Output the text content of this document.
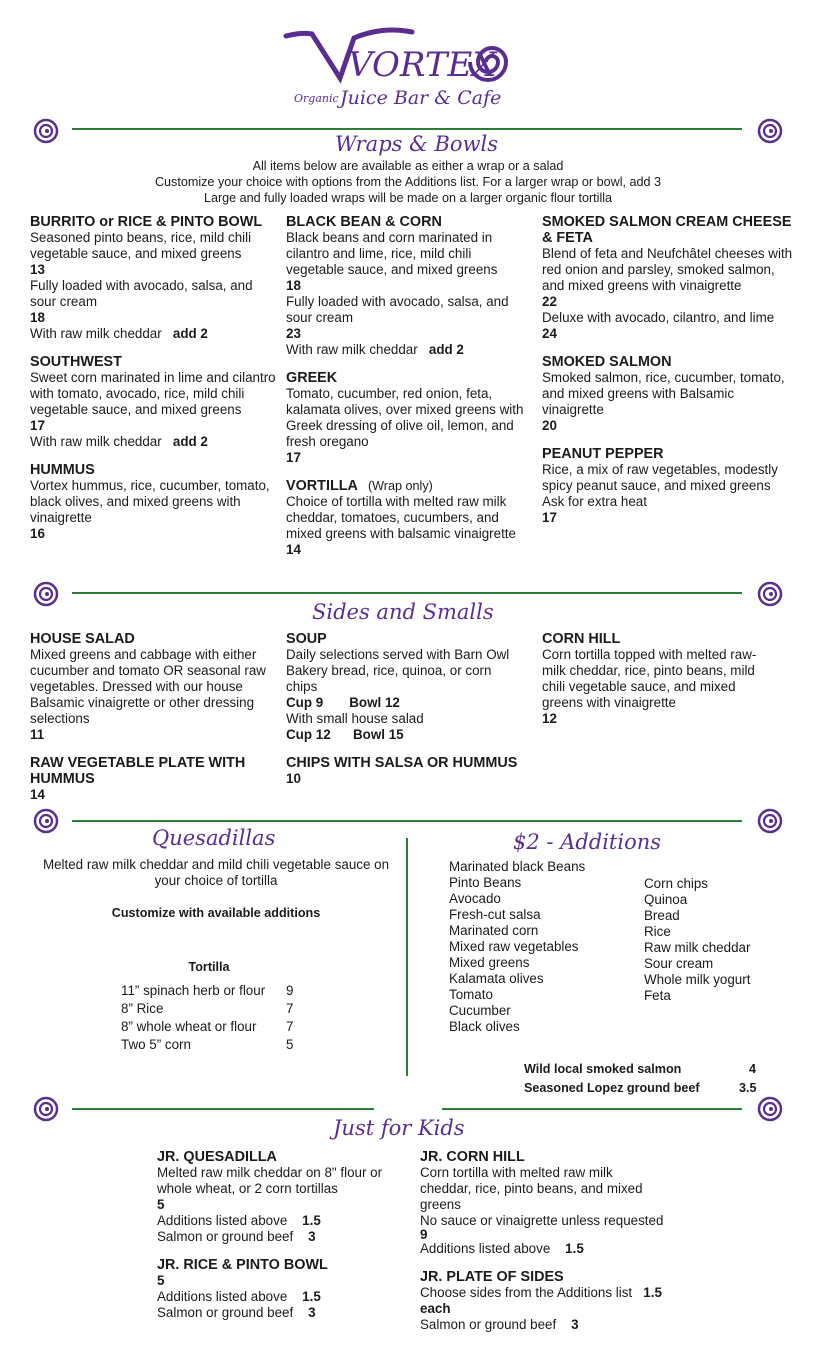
VORTEX
Organic Juice Bar & Cafe
Wraps & Bowls
All items below are available as either a wrap or a salad
Customize your choice with options from the Additions list. For a larger wrap or bowl, add 3
Large and fully loaded wraps will be made on a larger organic flour tortilla
BURRITO or RICE & PINTO BOWL
Seasoned pinto beans, rice, mild chili vegetable sauce, and mixed greens
13
Fully loaded with avocado, salsa, and sour cream
18
With raw milk cheddar add 2
SOUTHWEST
Sweet corn marinated in lime and cilantro with tomato, avocado, rice, mild chili vegetable sauce, and mixed greens
17
With raw milk cheddar add 2
HUMMUS
Vortex hummus, rice, cucumber, tomato, black olives, and mixed greens with vinaigrette
16
BLACK BEAN & CORN
Black beans and corn marinated in cilantro and lime, rice, mild chili vegetable sauce, and mixed greens
18
Fully loaded with avocado, salsa, and sour cream
23
With raw milk cheddar add 2
GREEK
Tomato, cucumber, red onion, feta, kalamata olives, over mixed greens with Greek dressing of olive oil, lemon, and fresh oregano
17
VORTILLA (Wrap only)
Choice of tortilla with melted raw milk cheddar, tomatoes, cucumbers, and mixed greens with balsamic vinaigrette
14
SMOKED SALMON CREAM CHEESE & FETA
Blend of feta and Neufchâtel cheeses with red onion and parsley, smoked salmon, and mixed greens with vinaigrette
22
Deluxe with avocado, cilantro, and lime
24
SMOKED SALMON
Smoked salmon, rice, cucumber, tomato, and mixed greens with Balsamic vinaigrette
20
PEANUT PEPPER
Rice, a mix of raw vegetables, modestly spicy peanut sauce, and mixed greens
Ask for extra heat
17
Sides and Smalls
HOUSE SALAD
Mixed greens and cabbage with either cucumber and tomato OR seasonal raw vegetables. Dressed with our house Balsamic vinaigrette or other dressing selections
11
RAW VEGETABLE PLATE WITH HUMMUS
14
SOUP
Daily selections served with Barn Owl Bakery bread, rice, quinoa, or corn chips
Cup 9 Bowl 12
With small house salad
Cup 12 Bowl 15
CHIPS WITH SALSA OR HUMMUS
10
CORN HILL
Corn tortilla topped with melted raw-milk cheddar, rice, pinto beans, mild chili vegetable sauce, and mixed greens with vinaigrette
12
Quesadillas	$2 - Additions
Melted raw milk cheddar and mild chili vegetable sauce on your choice of tortilla
Customize with available additions
Tortilla
11” spinach herb or flour	9
8” Rice	7
8” whole wheat or flour	7
Two 5” corn	5
Marinated black Beans
Pinto Beans
Avocado
Fresh-cut salsa
Marinated corn
Mixed raw vegetables
Mixed greens
Kalamata olives
Tomato
Cucumber
Black olives
Corn chips
Quinoa
Bread
Rice
Raw milk cheddar
Sour cream
Whole milk yogurt
Feta
Wild local smoked salmon	4
Seasoned Lopez ground beef	3.5
Just for Kids
JR. QUESADILLA
Melted raw milk cheddar on 8" flour or whole wheat, or 2 corn tortillas
5
Additions listed above 1.5
Salmon or ground beef 3
JR. RICE & PINTO BOWL
5
Additions listed above 1.5
Salmon or ground beef 3
JR. CORN HILL
Corn tortilla with melted raw milk cheddar, rice, pinto beans, and mixed greens
No sauce or vinaigrette unless requested
9
Additions listed above 1.5
JR. PLATE OF SIDES
Choose sides from the Additions list 1.5 each
Salmon or ground beef 3
